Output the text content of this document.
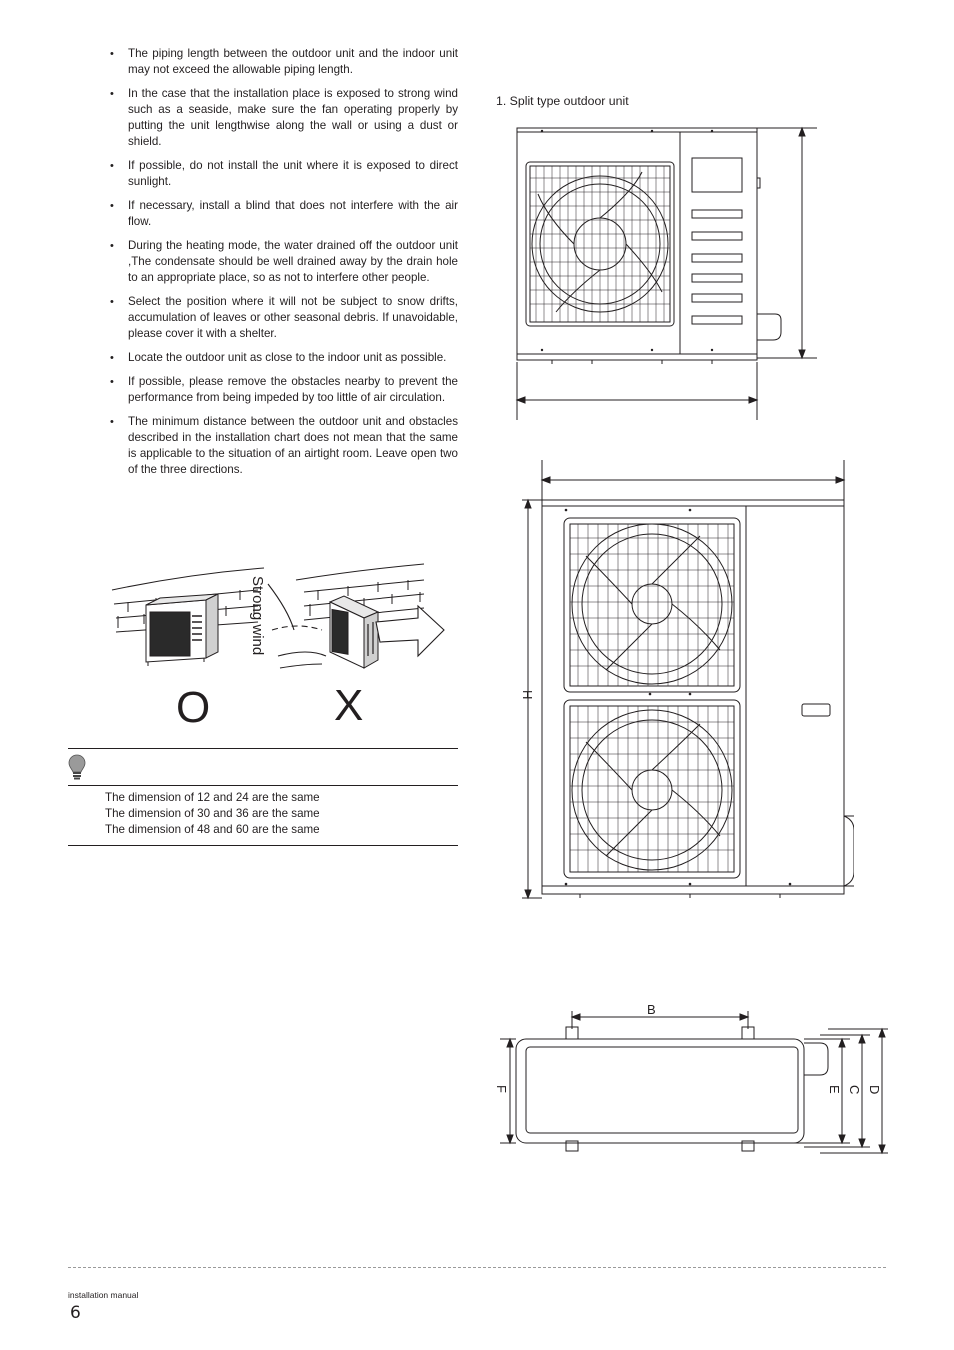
• The piping length between the outdoor unit and the indoor unit may not exceed the allowable piping length.
• In the case that the installation place is exposed to strong wind such as a seaside, make sure the fan operating properly by putting the unit lengthwise along the wall or using a dust or shield.
• If possible, do not install the unit where it is exposed to direct sunlight.
• If necessary, install a blind that does not interfere with the air flow.
• During the heating mode, the water drained off the outdoor unit ,The condensate should be well drained away by the drain hole to an appropriate place, so as not to interfere other people.
• Select the position where it will not be subject to snow drifts, accumulation of leaves or other seasonal debris. If unavoidable, please cover it with a shelter.
• Locate the outdoor unit as close to the indoor unit as possible.
• If possible, please remove the obstacles nearby to prevent the performance from being impeded by too little of air circulation.
• The minimum distance between the outdoor unit and obstacles described in the installation chart does not mean that the same is applicable to the situation of an airtight room. Leave open two of the three directions.
Strong wind
O	X
The dimension of 12 and 24 are the same
The dimension of 30 and 36 are the same
The dimension of 48 and 60 are the same
1. Split type outdoor unit
H
B
F	E C D
installation manual
6
